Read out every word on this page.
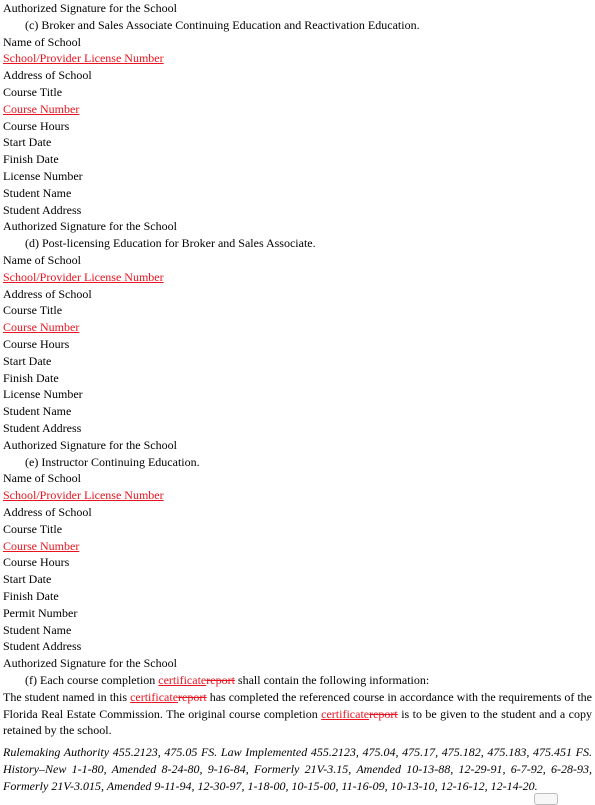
Authorized Signature for the School
(c) Broker and Sales Associate Continuing Education and Reactivation Education.
Name of School
School/Provider License Number
Address of School
Course Title
Course Number
Course Hours
Start Date
Finish Date
License Number
Student Name
Student Address
Authorized Signature for the School
(d) Post-licensing Education for Broker and Sales Associate.
Name of School
School/Provider License Number
Address of School
Course Title
Course Number
Course Hours
Start Date
Finish Date
License Number
Student Name
Student Address
Authorized Signature for the School
(e) Instructor Continuing Education.
Name of School
School/Provider License Number
Address of School
Course Title
Course Number
Course Hours
Start Date
Finish Date
Permit Number
Student Name
Student Address
Authorized Signature for the School
(f) Each course completion certificatereport shall contain the following information:
The student named in this certificatereport has completed the referenced course in accordance with the requirements of the Florida Real Estate Commission. The original course completion certificatereport is to be given to the student and a copy retained by the school.
Rulemaking Authority 455.2123, 475.05 FS. Law Implemented 455.2123, 475.04, 475.17, 475.182, 475.183, 475.451 FS.
History–New 1-1-80, Amended 8-24-80, 9-16-84, Formerly 21V-3.15, Amended 10-13-88, 12-29-91, 6-7-92, 6-28-93,
Formerly 21V-3.015, Amended 9-11-94, 12-30-97, 1-18-00, 10-15-00, 11-16-09, 10-13-10, 12-16-12, 12-14-20.
